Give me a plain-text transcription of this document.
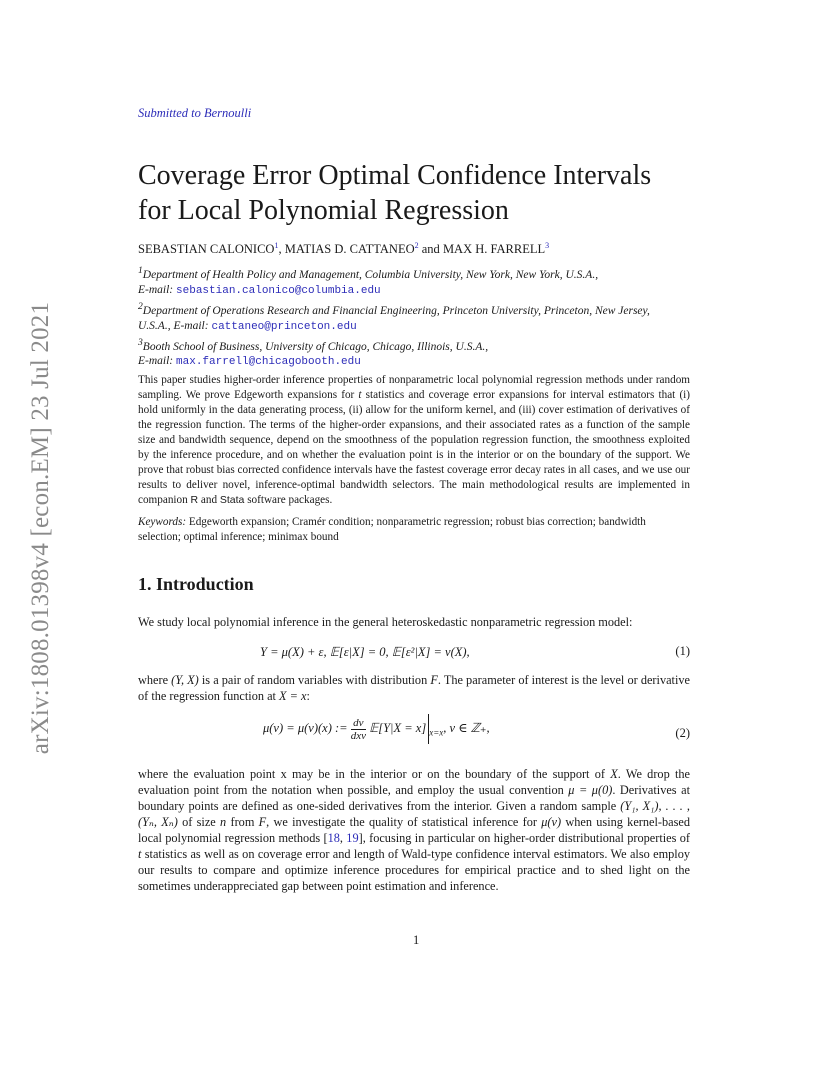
arXiv:1808.01398v4 [econ.EM] 23 Jul 2021
Submitted to Bernoulli
Coverage Error Optimal Confidence Intervals
for Local Polynomial Regression
SEBASTIAN CALONICO$^1$, MATIAS D. CATTANEO$^2$ and MAX H. FARRELL$^3$
$^1$Department of Health Policy and Management, Columbia University, New York, New York, U.S.A.,
E-mail: sebastian.calonico@columbia.edu
$^2$Department of Operations Research and Financial Engineering, Princeton University, Princeton, New Jersey,
U.S.A., E-mail: cattaneo@princeton.edu
$^3$Booth School of Business, University of Chicago, Chicago, Illinois, U.S.A.,
E-mail: max.farrell@chicagobooth.edu
This paper studies higher-order inference properties of nonparametric local polynomial regression methods under random sampling. We prove Edgeworth expansions for t statistics and coverage error expansions for interval estimators that (i) hold uniformly in the data generating process, (ii) allow for the uniform kernel, and (iii) cover estimation of derivatives of the regression function. The terms of the higher-order expansions, and their associated rates as a function of the sample size and bandwidth sequence, depend on the smoothness of the population regression function, the smoothness exploited by the inference procedure, and on whether the evaluation point is in the interior or on the boundary of the support. We prove that robust bias corrected confidence intervals have the fastest coverage error decay rates in all cases, and we use our results to deliver novel, inference-optimal bandwidth selectors. The main methodological results are implemented in companion R and Stata software packages.
Keywords: Edgeworth expansion; Cramér condition; nonparametric regression; robust bias correction; bandwidth selection; optimal inference; minimax bound
1. Introduction
We study local polynomial inference in the general heteroskedastic nonparametric regression model:
Y = μ(X) + ε, 𝔼[ε|X] = 0, 𝔼[ε²|X] = v(X),	(1)
where (Y, X) is a pair of random variables with distribution F. The parameter of interest is the level or derivative of the regression function at X = x:
μ(ν) = μ(ν)(x) := $\frac{d\nu}{\text{dxν}}$ 𝔼[Y|X = x] $_{x=x}$, ν ∈ ℤ₊,	(2)
where the evaluation point x may be in the interior or on the boundary of the support of X. We drop the evaluation point from the notation when possible, and employ the usual convention μ = μ(0). Derivatives at boundary points are defined as one-sided derivatives from the interior. Given a random sample (Y₁, X₁), . . . , (Yₙ, Xₙ) of size n from F, we investigate the quality of statistical inference for μ(ν) when using kernel-based local polynomial regression methods [18, 19], focusing in particular on higher-order distributional properties of t statistics as well as on coverage error and length of Wald-type confidence interval estimators. We also employ our results to compare and optimize inference procedures for empirical practice and to shed light on the sometimes underappreciated gap between point estimation and inference.
1
